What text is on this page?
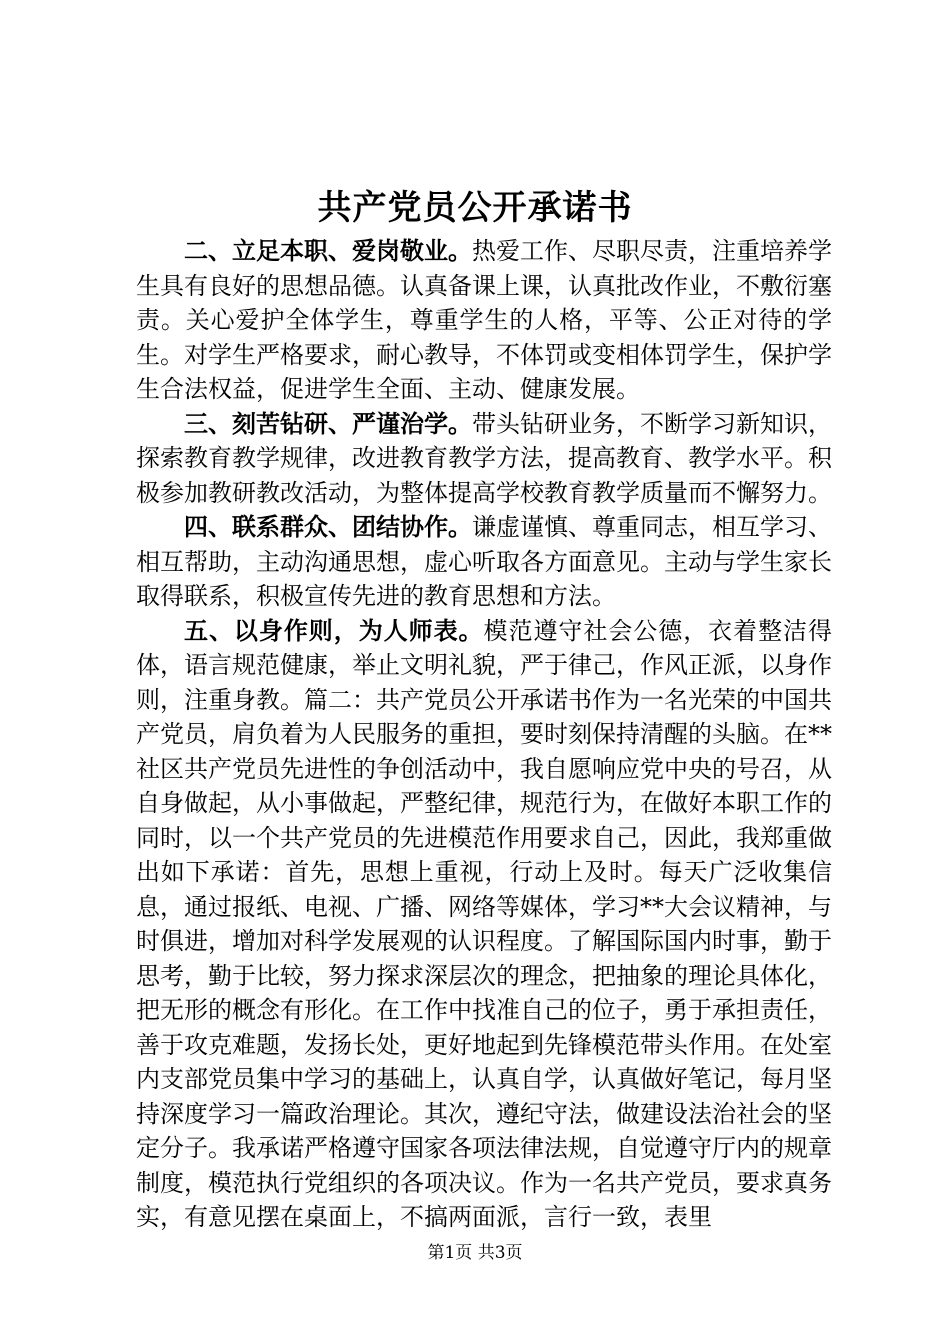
共产党员公开承诺书

二、立足本职、爱岗敬业。热爱工作、尽职尽责，注重培养学生具有良好的思想品德。认真备课上课，认真批改作业，不敷衍塞责。关心爱护全体学生，尊重学生的人格，平等、公正对待的学生。对学生严格要求，耐心教导，不体罚或变相体罚学生，保护学生合法权益，促进学生全面、主动、健康发展。

三、刻苦钻研、严谨治学。带头钻研业务，不断学习新知识，探索教育教学规律，改进教育教学方法，提高教育、教学水平。积极参加教研教改活动，为整体提高学校教育教学质量而不懈努力。

四、联系群众、团结协作。谦虚谨慎、尊重同志，相互学习、相互帮助，主动沟通思想，虚心听取各方面意见。主动与学生家长取得联系，积极宣传先进的教育思想和方法。

五、以身作则，为人师表。模范遵守社会公德，衣着整洁得体，语言规范健康，举止文明礼貌，严于律己，作风正派，以身作则，注重身教。篇二：共产党员公开承诺书作为一名光荣的中国共产党员，肩负着为人民服务的重担，要时刻保持清醒的头脑。在**社区共产党员先进性的争创活动中，我自愿响应党中央的号召，从自身做起，从小事做起，严整纪律，规范行为，在做好本职工作的同时，以一个共产党员的先进模范作用要求自己，因此，我郑重做出如下承诺：首先，思想上重视，行动上及时。每天广泛收集信息，通过报纸、电视、广播、网络等媒体，学习**大会议精神，与时俱进，增加对科学发展观的认识程度。了解国际国内时事，勤于思考，勤于比较，努力探求深层次的理念，把抽象的理论具体化，把无形的概念有形化。在工作中找准自己的位子，勇于承担责任，善于攻克难题，发扬长处，更好地起到先锋模范带头作用。在处室内支部党员集中学习的基础上，认真自学，认真做好笔记，每月坚持深度学习一篇政治理论。其次，遵纪守法，做建设法治社会的坚定分子。我承诺严格遵守国家各项法律法规，自觉遵守厅内的规章制度，模范执行党组织的各项决议。作为一名共产党员，要求真务实，有意见摆在桌面上，不搞两面派，言行一致，表里

第1页 共3页
